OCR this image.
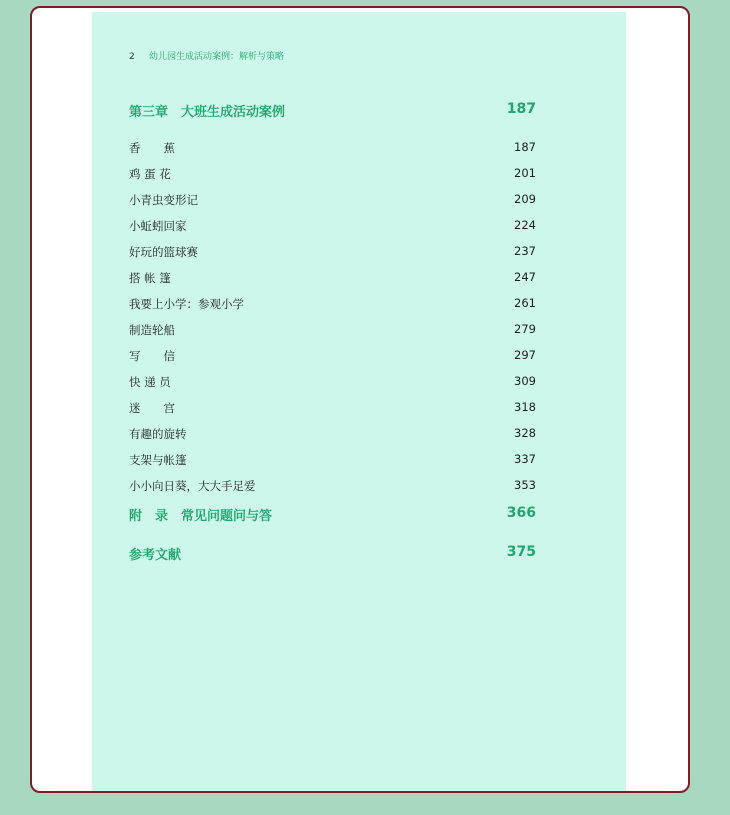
2 幼儿园生成活动案例：解析与策略
第三章　大班生成活动案例	187
香　　蕉	187
鸡 蛋 花	201
小青虫变形记	209
小蚯蚓回家	224
好玩的篮球赛	237
搭 帐 篷	247
我要上小学：参观小学	261
制造轮船	279
写　　信	297
快 递 员	309
迷　　宫	318
有趣的旋转	328
支架与帐篷	337
小小向日葵，大大手足爱	353
附　录　常见问题问与答	366
参考文献	375
